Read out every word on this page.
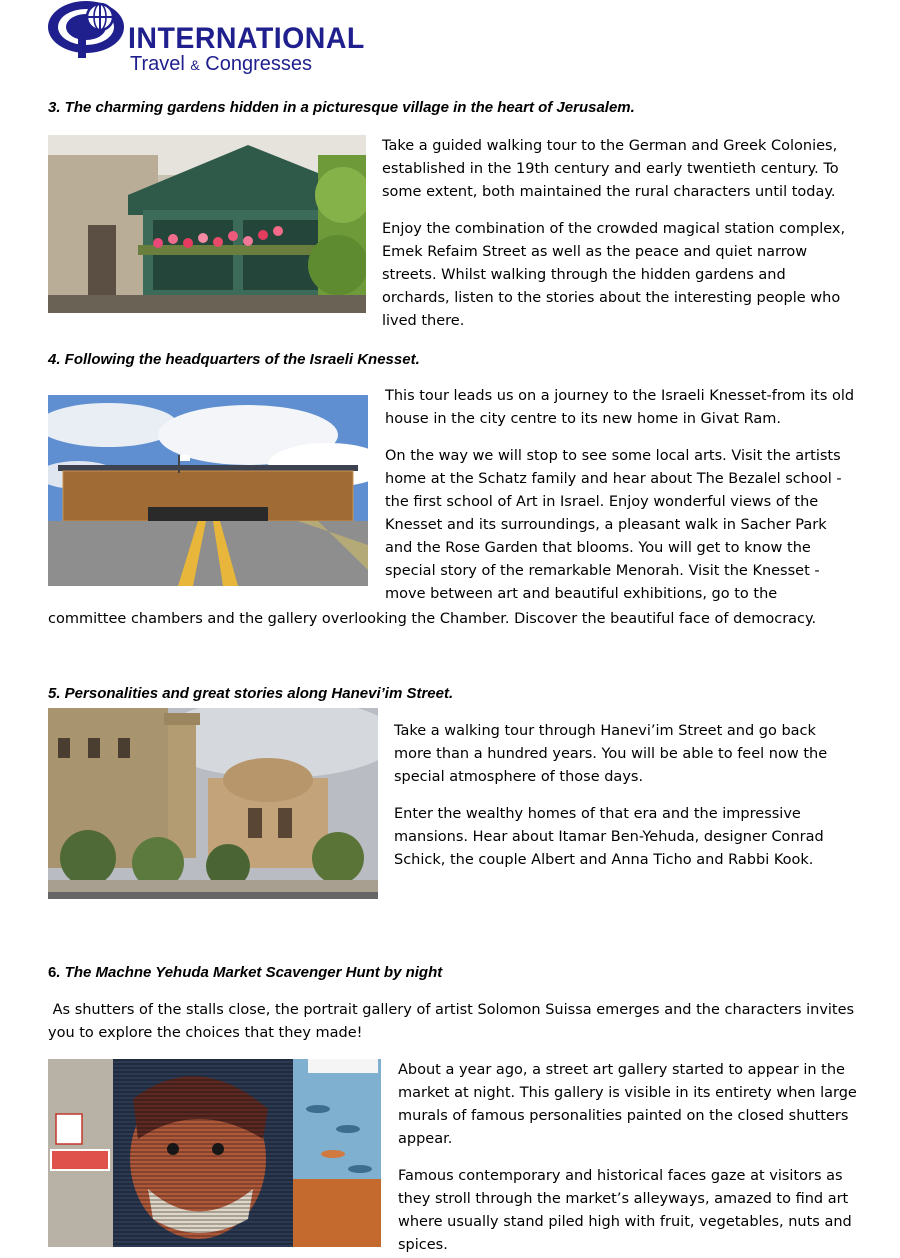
INTERNATIONAL
Travel & Congresses
3. The charming gardens hidden in a picturesque village in the heart of Jerusalem.
Take a guided walking tour to the German and Greek Colonies,
established in the 19th century and early twentieth century. To
some extent, both maintained the rural characters until today.
Enjoy the combination of the crowded magical station complex,
Emek Refaim Street as well as the peace and quiet narrow
streets. Whilst walking through the hidden gardens and
orchards, listen to the stories about the interesting people who
lived there.
4. Following the headquarters of the Israeli Knesset.
This tour leads us on a journey to the Israeli Knesset-from its old
house in the city centre to its new home in Givat Ram.
On the way we will stop to see some local arts. Visit the artists
home at the Schatz family and hear about The Bezalel school -
the first school of Art in Israel. Enjoy wonderful views of the
Knesset and its surroundings, a pleasant walk in Sacher Park
and the Rose Garden that blooms. You will get to know the
special story of the remarkable Menorah. Visit the Knesset -
move between art and beautiful exhibitions, go to the
committee chambers and the gallery overlooking the Chamber. Discover the beautiful face of democracy.
5. Personalities and great stories along Hanevi’im Street.
Take a walking tour through Hanevi’im Street and go back
more than a hundred years. You will be able to feel now the
special atmosphere of those days.
Enter the wealthy homes of that era and the impressive
mansions. Hear about Itamar Ben-Yehuda, designer Conrad
Schick, the couple Albert and Anna Ticho and Rabbi Kook.
6. The Machne Yehuda Market Scavenger Hunt by night
As shutters of the stalls close, the portrait gallery of artist Solomon Suissa emerges and the characters invites
you to explore the choices that they made!
About a year ago, a street art gallery started to appear in the
market at night. This gallery is visible in its entirety when large
murals of famous personalities painted on the closed shutters
appear.
Famous contemporary and historical faces gaze at visitors as
they stroll through the market’s alleyways, amazed to find art
where usually stand piled high with fruit, vegetables, nuts and
spices.
